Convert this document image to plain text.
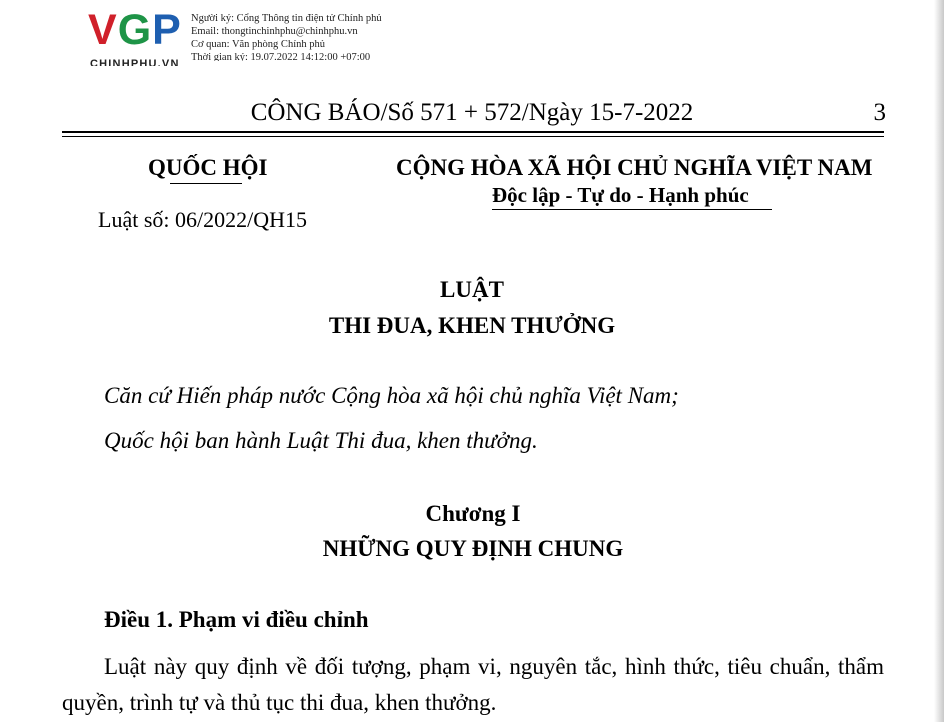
VGP
CHINHPHU.VN
Người ký: Cổng Thông tin điện tử Chính phủ
Email: thongtinchinhphu@chinhphu.vn
Cơ quan: Văn phòng Chính phủ
Thời gian ký: 19.07.2022 14:12:00 +07:00
CÔNG BÁO/Số 571 + 572/Ngày 15-7-2022	3
QUỐC HỘI
Luật số: 06/2022/QH15
CỘNG HÒA XÃ HỘI CHỦ NGHĨA VIỆT NAM
Độc lập - Tự do - Hạnh phúc
LUẬT
THI ĐUA, KHEN THƯỞNG
Căn cứ Hiến pháp nước Cộng hòa xã hội chủ nghĩa Việt Nam;
Quốc hội ban hành Luật Thi đua, khen thưởng.
Chương I
NHỮNG QUY ĐỊNH CHUNG
Điều 1. Phạm vi điều chỉnh
Luật này quy định về đối tượng, phạm vi, nguyên tắc, hình thức, tiêu chuẩn, thẩm quyền, trình tự và thủ tục thi đua, khen thưởng.
